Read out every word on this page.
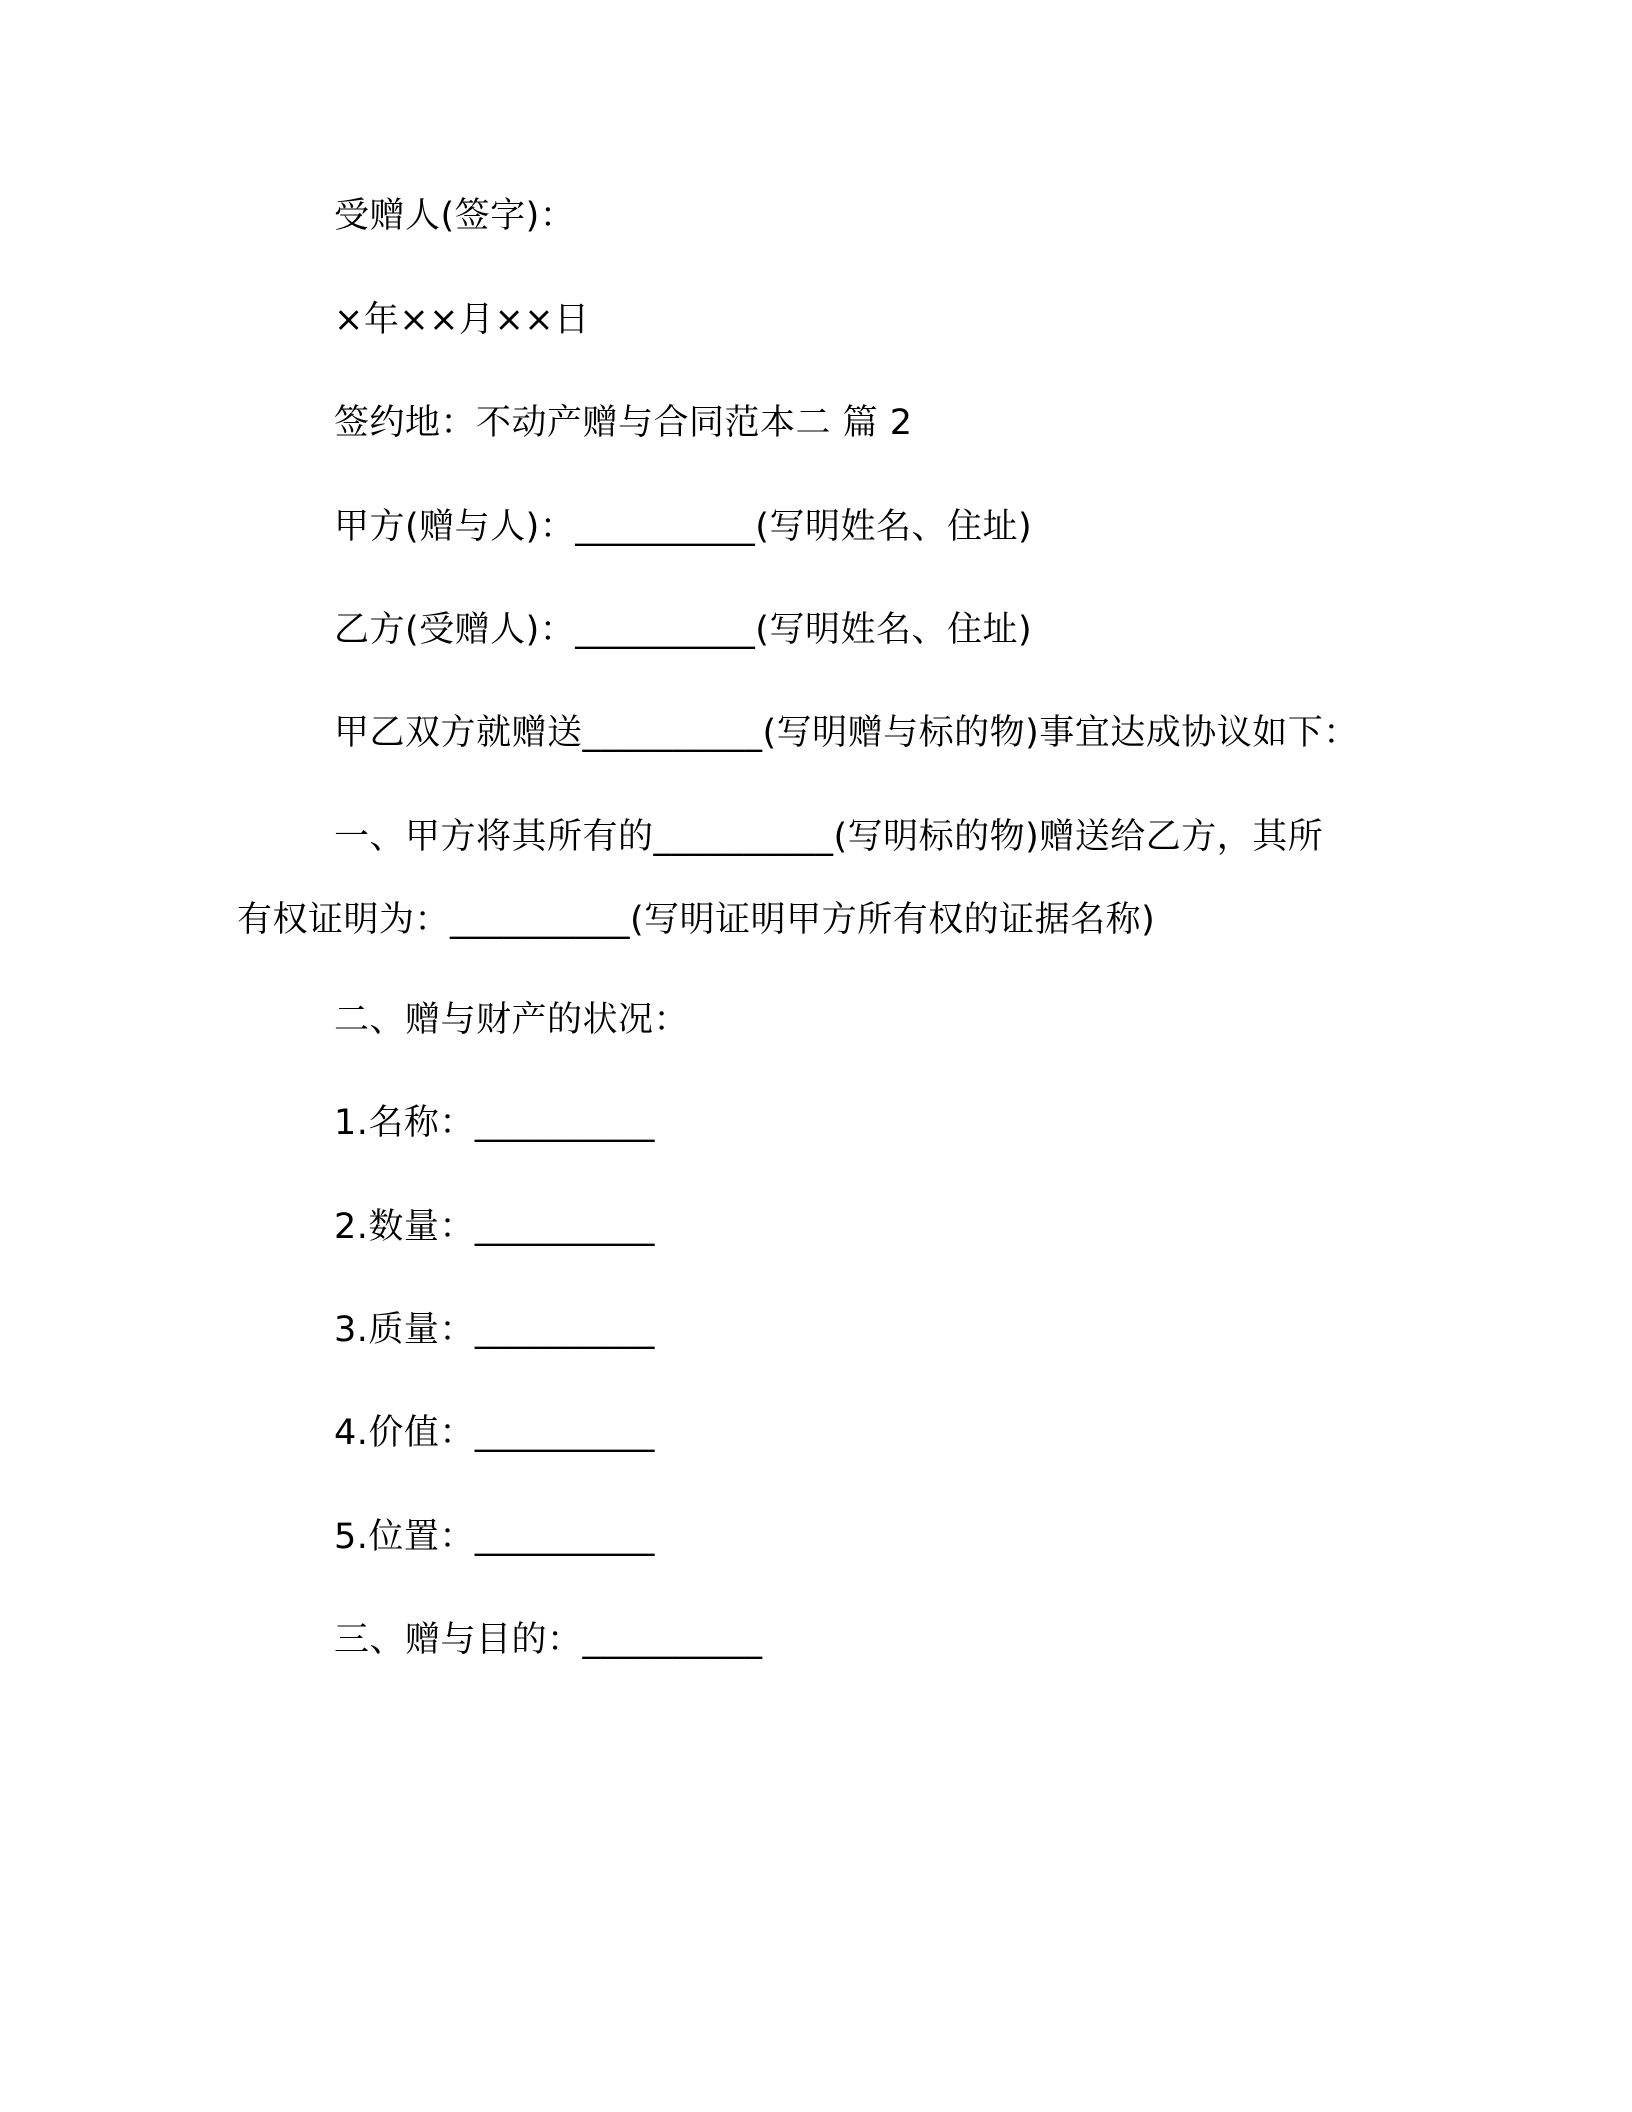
受赠人(签字)：
×年××月××日
签约地：不动产赠与合同范本二 篇 2
甲方(赠与人)：__________(写明姓名、住址)
乙方(受赠人)：__________(写明姓名、住址)
甲乙双方就赠送__________(写明赠与标的物)事宜达成协议如下：
一、甲方将其所有的__________(写明标的物)赠送给乙方，其所
有权证明为：__________(写明证明甲方所有权的证据名称)
二、赠与财产的状况：
1.名称：__________
2.数量：__________
3.质量：__________
4.价值：__________
5.位置：__________
三、赠与目的：__________
